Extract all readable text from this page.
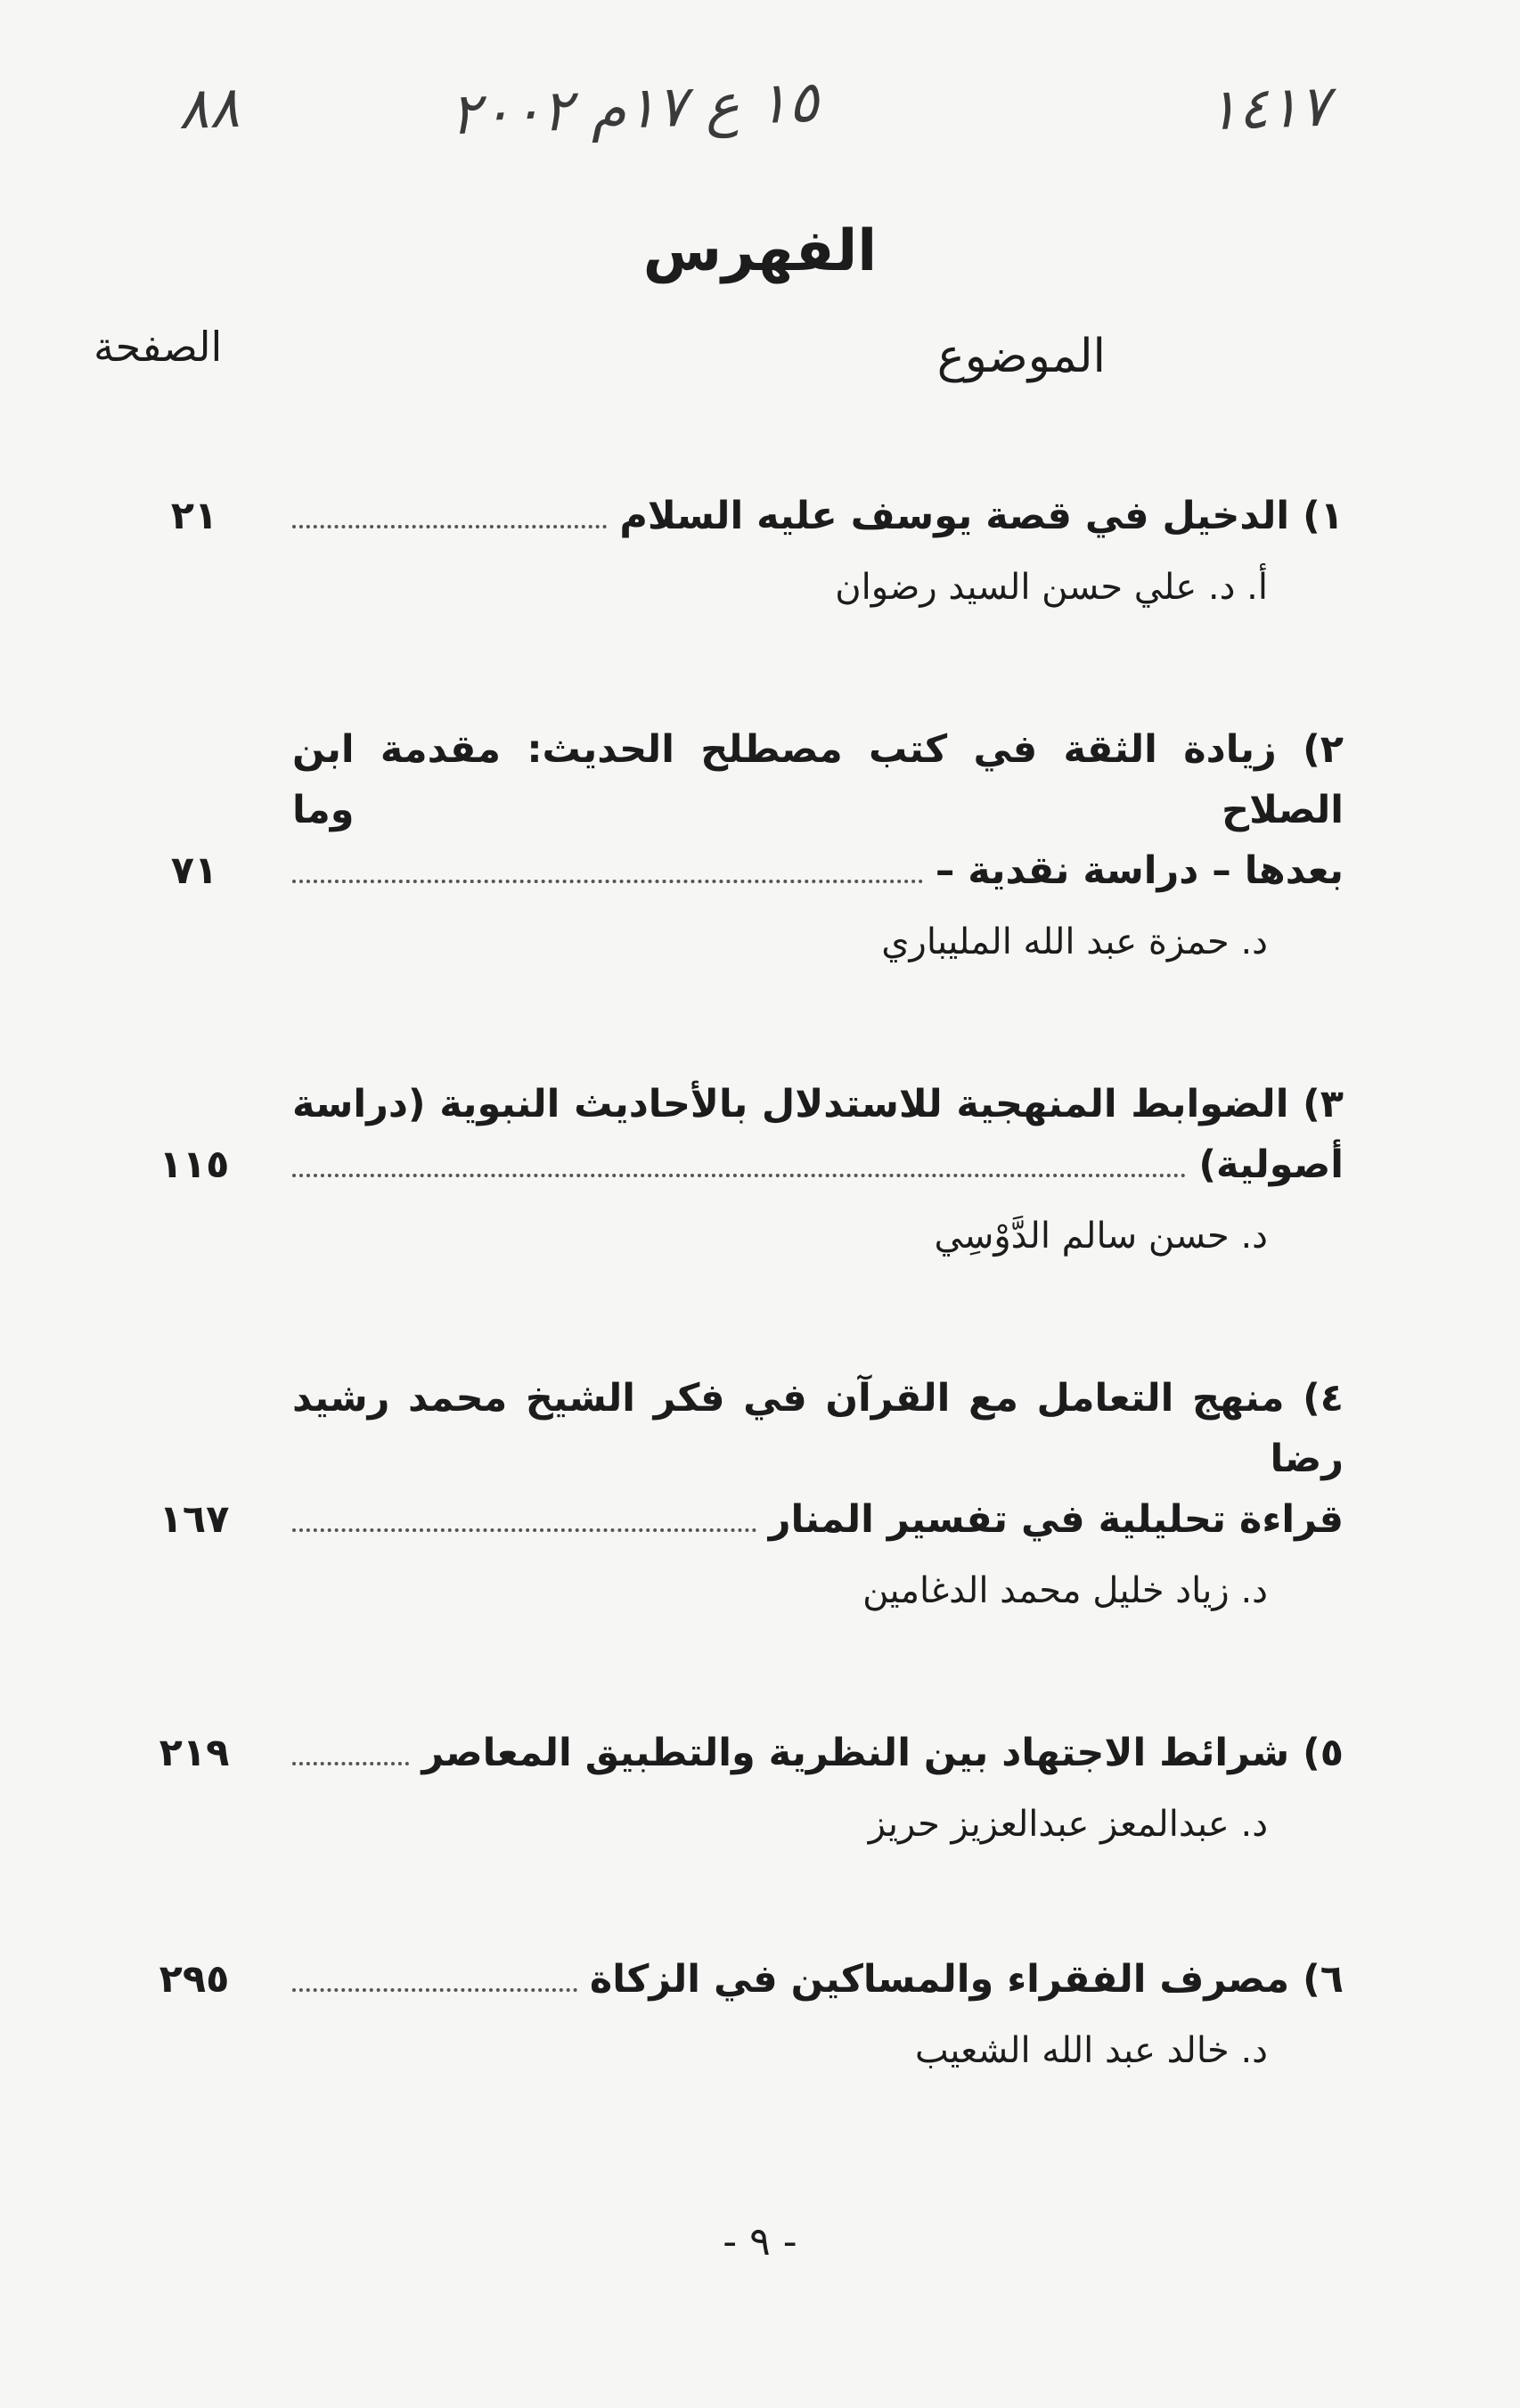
٨٨	١٥ ع ١٧م ٢٠٠٢	١٤١٧
الفهرس
الموضوع
الصفحة
١) الدخيل في قصة يوسف عليه السلام
٢١
أ. د. علي حسن السيد رضوان
٢) زيادة الثقة في كتب مصطلح الحديث: مقدمة ابن الصلاح وما
بعدها – دراسة نقدية –
٧١
د. حمزة عبد الله المليباري
٣) الضوابط المنهجية للاستدلال بالأحاديث النبوية (دراسة
أصولية)
١١٥
د. حسن سالم الدَّوْسِي
٤) منهج التعامل مع القرآن في فكر الشيخ محمد رشيد رضا
قراءة تحليلية في تفسير المنار
١٦٧
د. زياد خليل محمد الدغامين
٥) شرائط الاجتهاد بين النظرية والتطبيق المعاصر
٢١٩
د. عبدالمعز عبدالعزيز حريز
٦) مصرف الفقراء والمساكين في الزكاة
٢٩٥
د. خالد عبد الله الشعيب
- ٩ -
